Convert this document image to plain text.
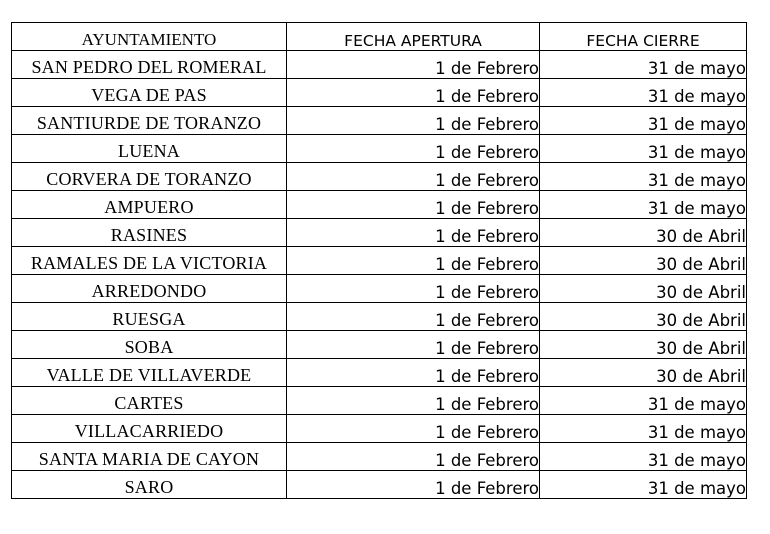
AYUNTAMIENTO	FECHA APERTURA	FECHA CIERRE
SAN PEDRO DEL ROMERAL	1 de Febrero	31 de mayo
VEGA DE PAS	1 de Febrero	31 de mayo
SANTIURDE DE TORANZO	1 de Febrero	31 de mayo
LUENA	1 de Febrero	31 de mayo
CORVERA DE TORANZO	1 de Febrero	31 de mayo
AMPUERO	1 de Febrero	31 de mayo
RASINES	1 de Febrero	30 de Abril
RAMALES DE LA VICTORIA	1 de Febrero	30 de Abril
ARREDONDO	1 de Febrero	30 de Abril
RUESGA	1 de Febrero	30 de Abril
SOBA	1 de Febrero	30 de Abril
VALLE DE VILLAVERDE	1 de Febrero	30 de Abril
CARTES	1 de Febrero	31 de mayo
VILLACARRIEDO	1 de Febrero	31 de mayo
SANTA MARIA DE CAYON	1 de Febrero	31 de mayo
SARO	1 de Febrero	31 de mayo
